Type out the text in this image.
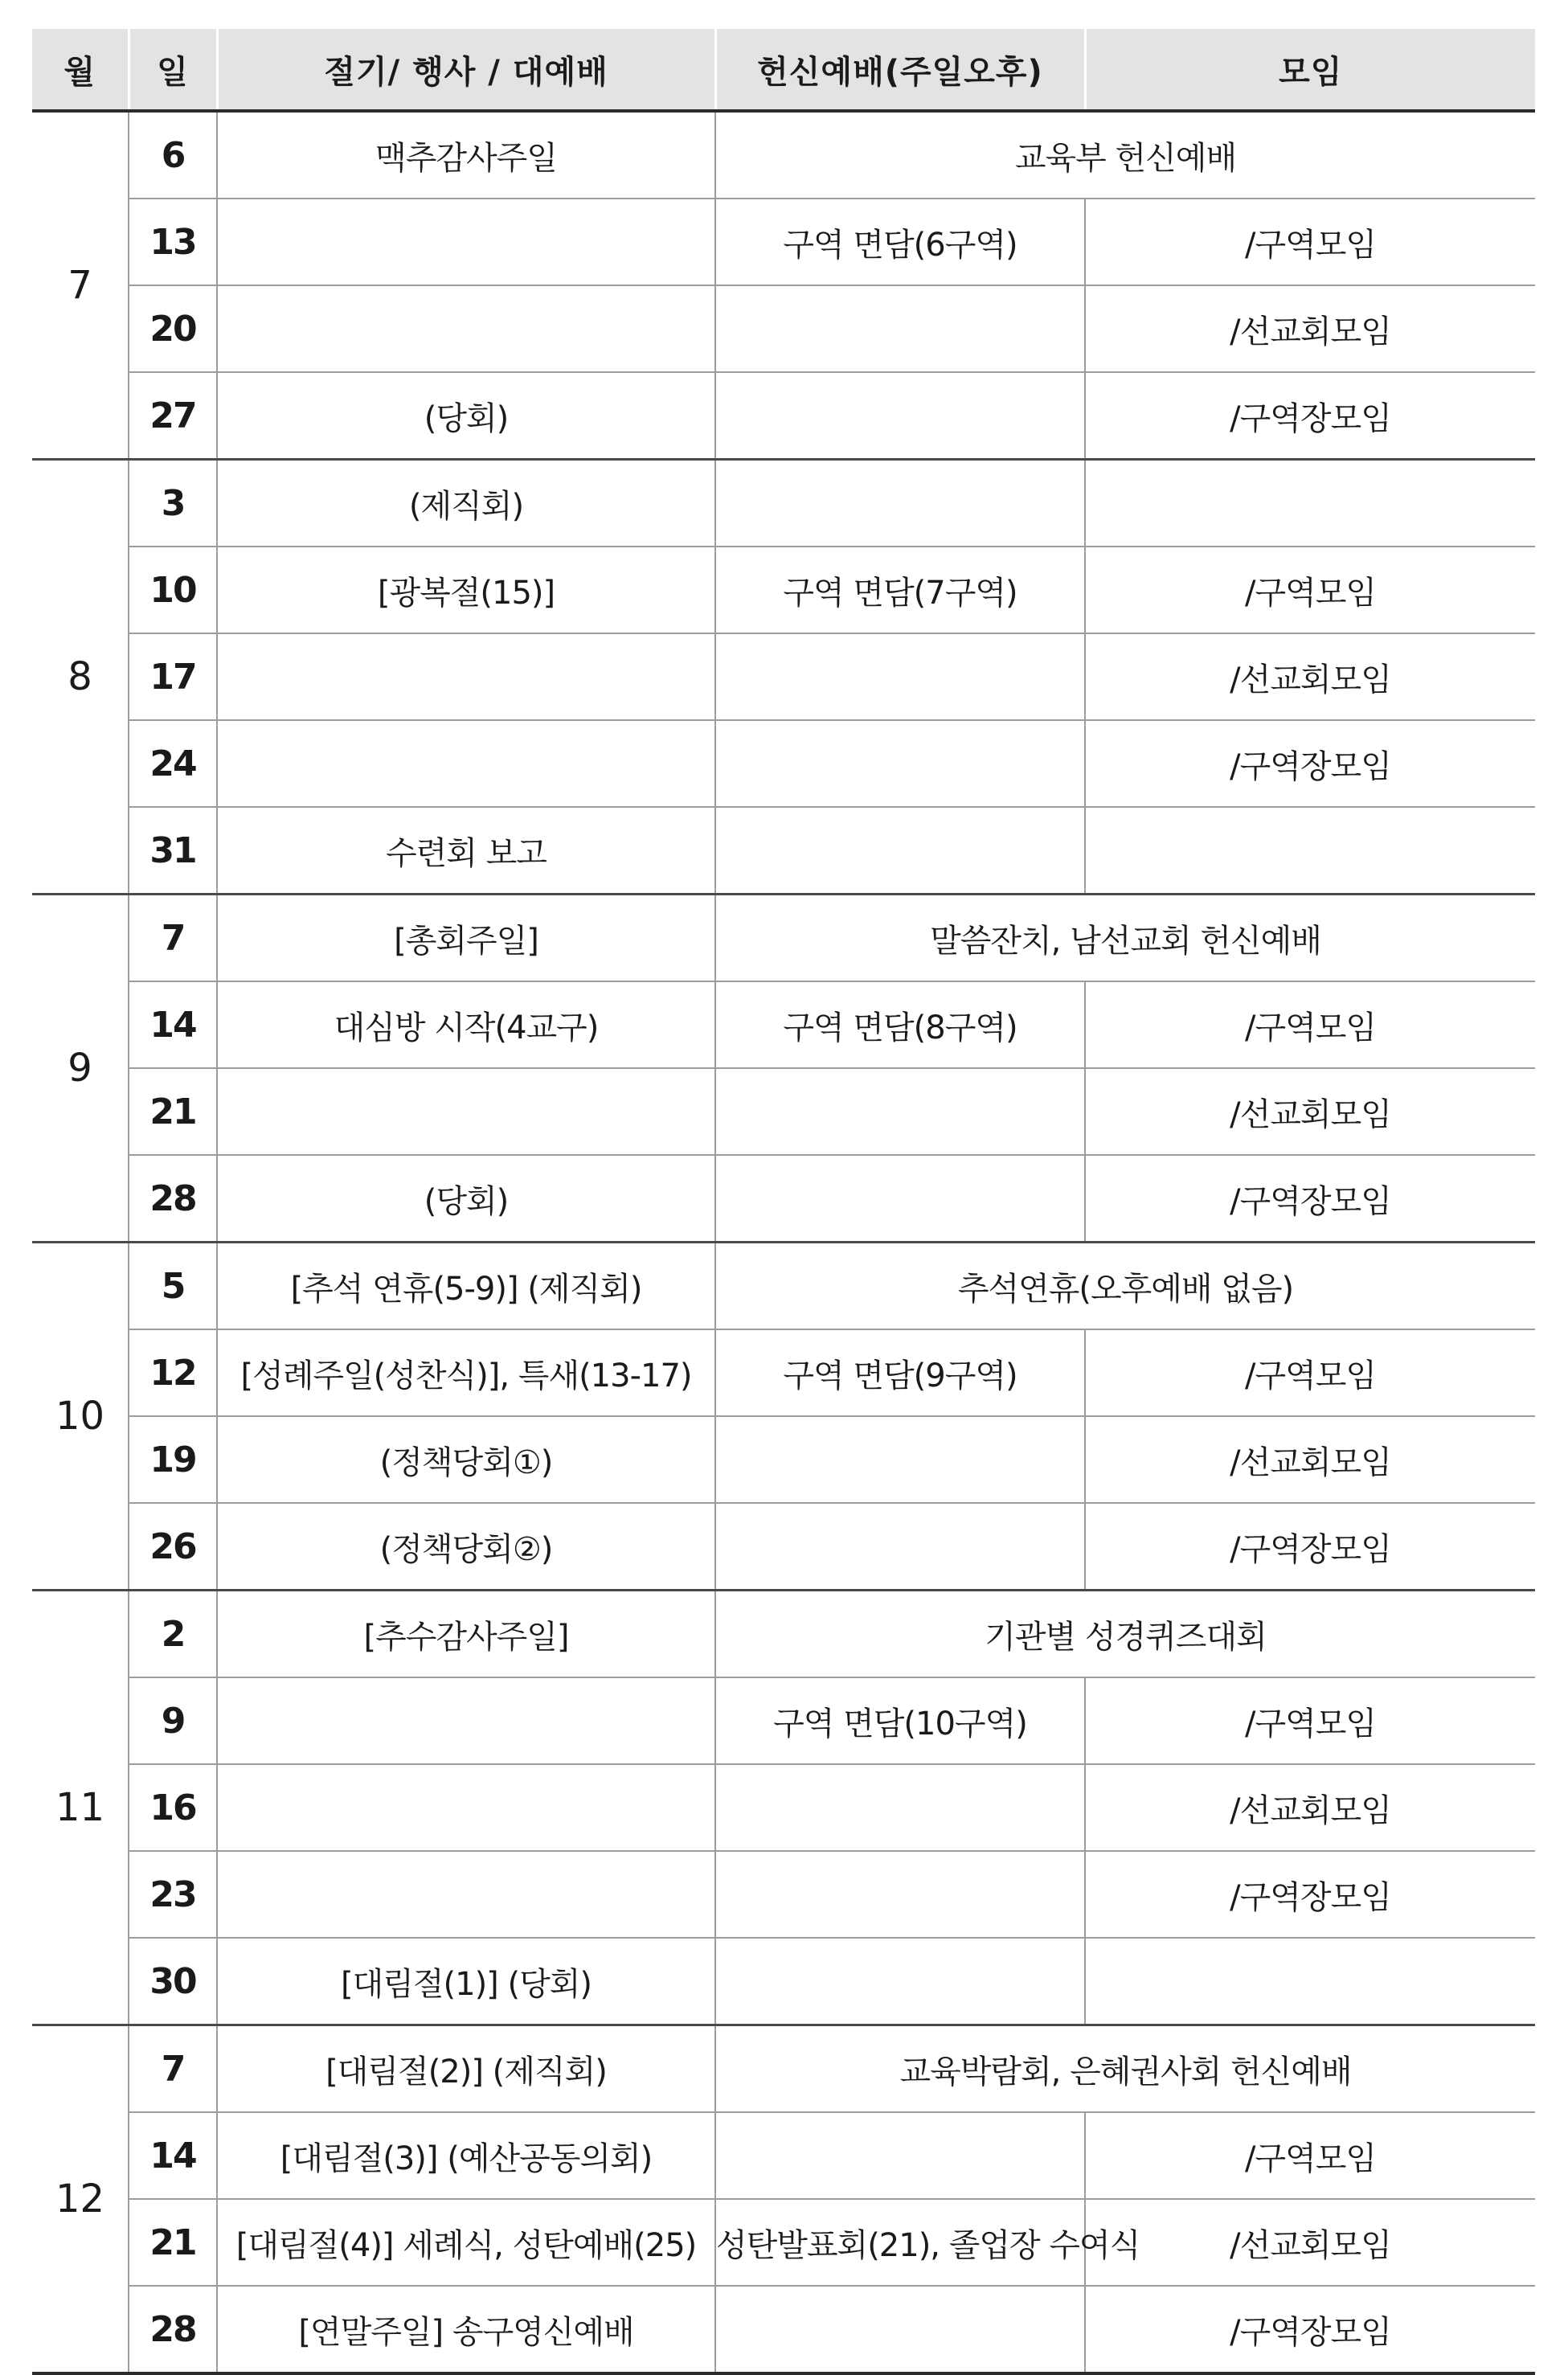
월	일	절기/ 행사 / 대예배	헌신예배(주일오후)	모임
7	6	맥추감사주일	교육부 헌신예배	
	13		구역 면담(6구역)	/구역모임
	20			/선교회모임
	27	(당회)		/구역장모임
8	3	(제직회)		
	10	[광복절(15)]	구역 면담(7구역)	/구역모임
	17			/선교회모임
	24			/구역장모임
	31	수련회 보고		
9	7	[총회주일]	말씀잔치, 남선교회 헌신예배	
	14	대심방 시작(4교구)	구역 면담(8구역)	/구역모임
	21			/선교회모임
	28	(당회)		/구역장모임
10	5	[추석 연휴(5-9)] (제직회)	추석연휴(오후예배 없음)	
	12	[성례주일(성찬식)], 특새(13-17)	구역 면담(9구역)	/구역모임
	19	(정책당회①)		/선교회모임
	26	(정책당회②)		/구역장모임
11	2	[추수감사주일]	기관별 성경퀴즈대회	
	9		구역 면담(10구역)	/구역모임
	16			/선교회모임
	23			/구역장모임
	30	[대림절(1)] (당회)		
12	7	[대림절(2)] (제직회)	교육박람회, 은혜권사회 헌신예배	
	14	[대림절(3)] (예산공동의회)		/구역모임
	21	[대림절(4)] 세례식, 성탄예배(25)	성탄발표회(21), 졸업장 수여식	/선교회모임
	28	[연말주일] 송구영신예배		/구역장모임
